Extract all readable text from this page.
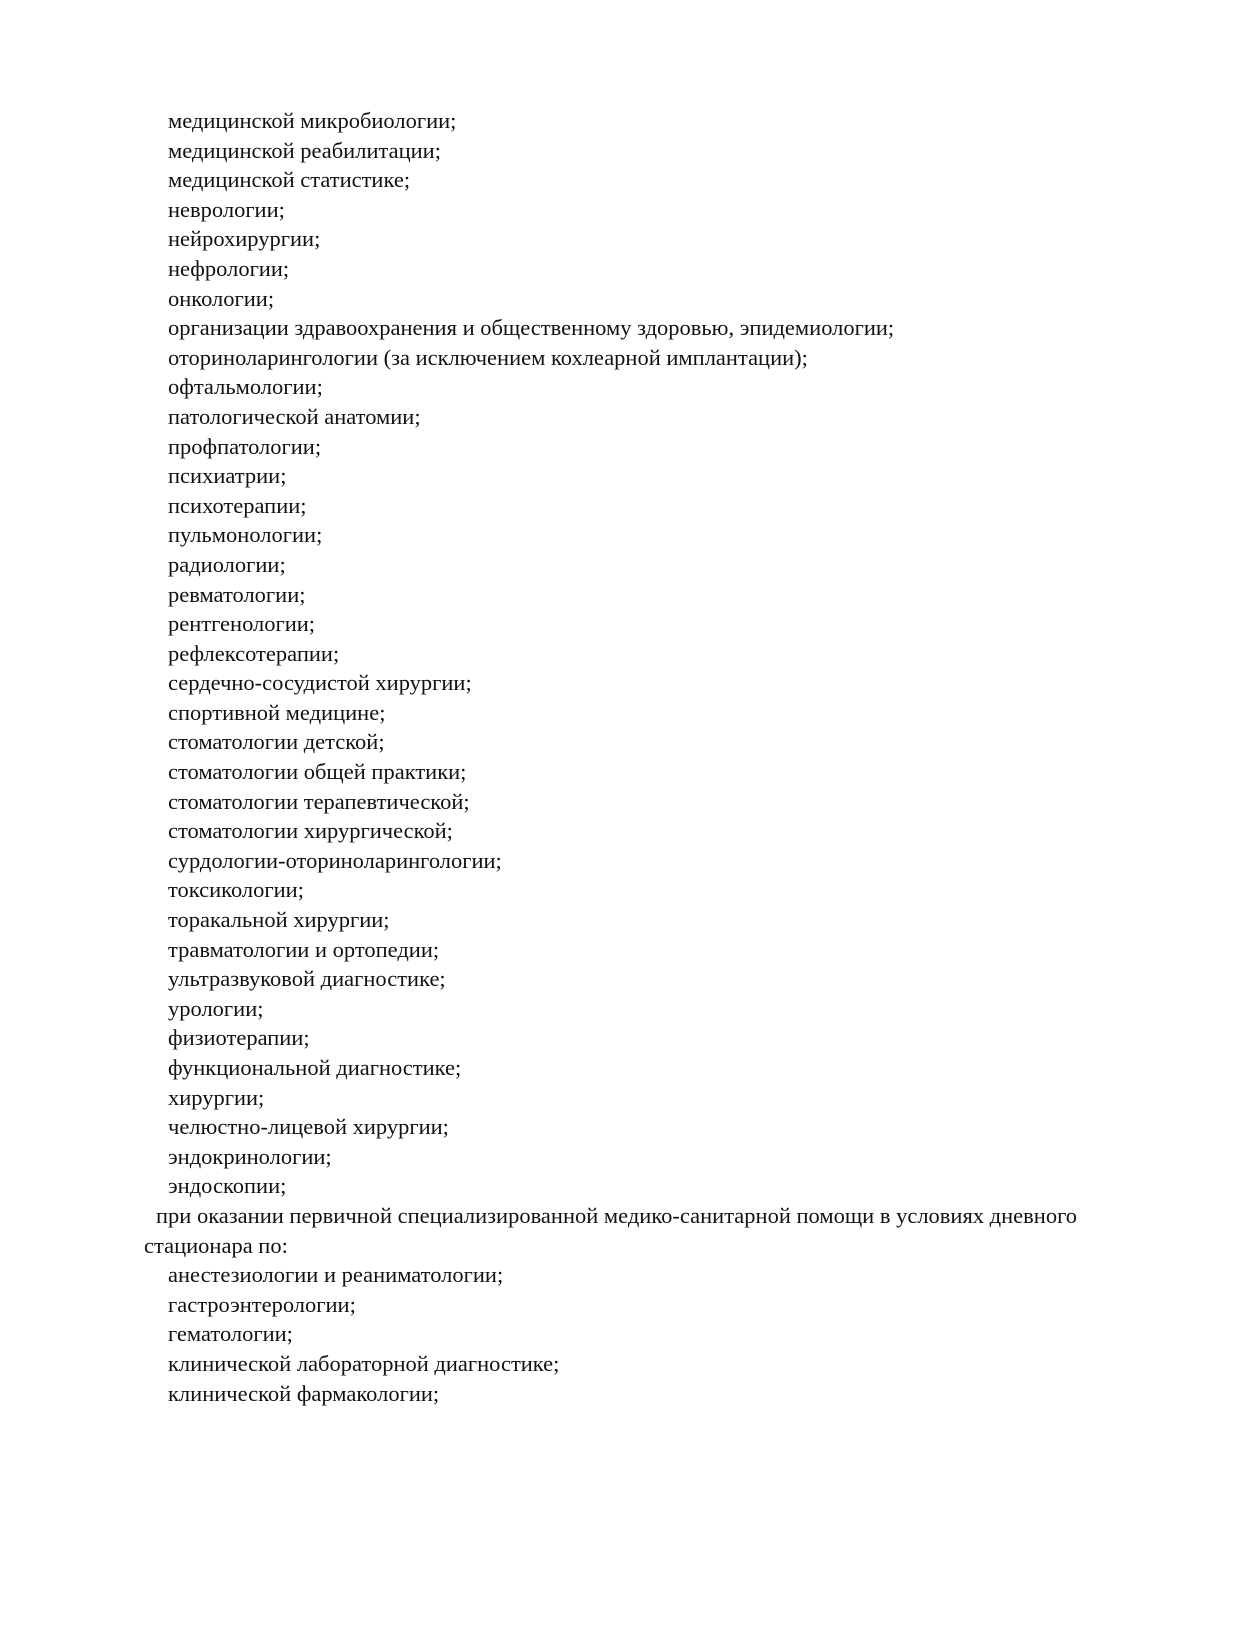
медицинской микробиологии;

медицинской реабилитации;

медицинской статистике;

неврологии;

нейрохирургии;

нефрологии;

онкологии;

организации здравоохранения и общественному здоровью, эпидемиологии;

оториноларингологии (за исключением кохлеарной имплантации);

офтальмологии;

патологической анатомии;

профпатологии;

психиатрии;

психотерапии;

пульмонологии;

радиологии;

ревматологии;

рентгенологии;

рефлексотерапии;

сердечно-сосудистой хирургии;

спортивной медицине;

стоматологии детской;

стоматологии общей практики;

стоматологии терапевтической;

стоматологии хирургической;

сурдологии-оториноларингологии;

токсикологии;

торакальной хирургии;

травматологии и ортопедии;

ультразвуковой диагностике;

урологии;

физиотерапии;

функциональной диагностике;

хирургии;

челюстно-лицевой хирургии;

эндокринологии;

эндоскопии;

при оказании первичной специализированной медико-санитарной помощи в условиях дневного

стационара по:

анестезиологии и реаниматологии;

гастроэнтерологии;

гематологии;

клинической лабораторной диагностике;

клинической фармакологии;
